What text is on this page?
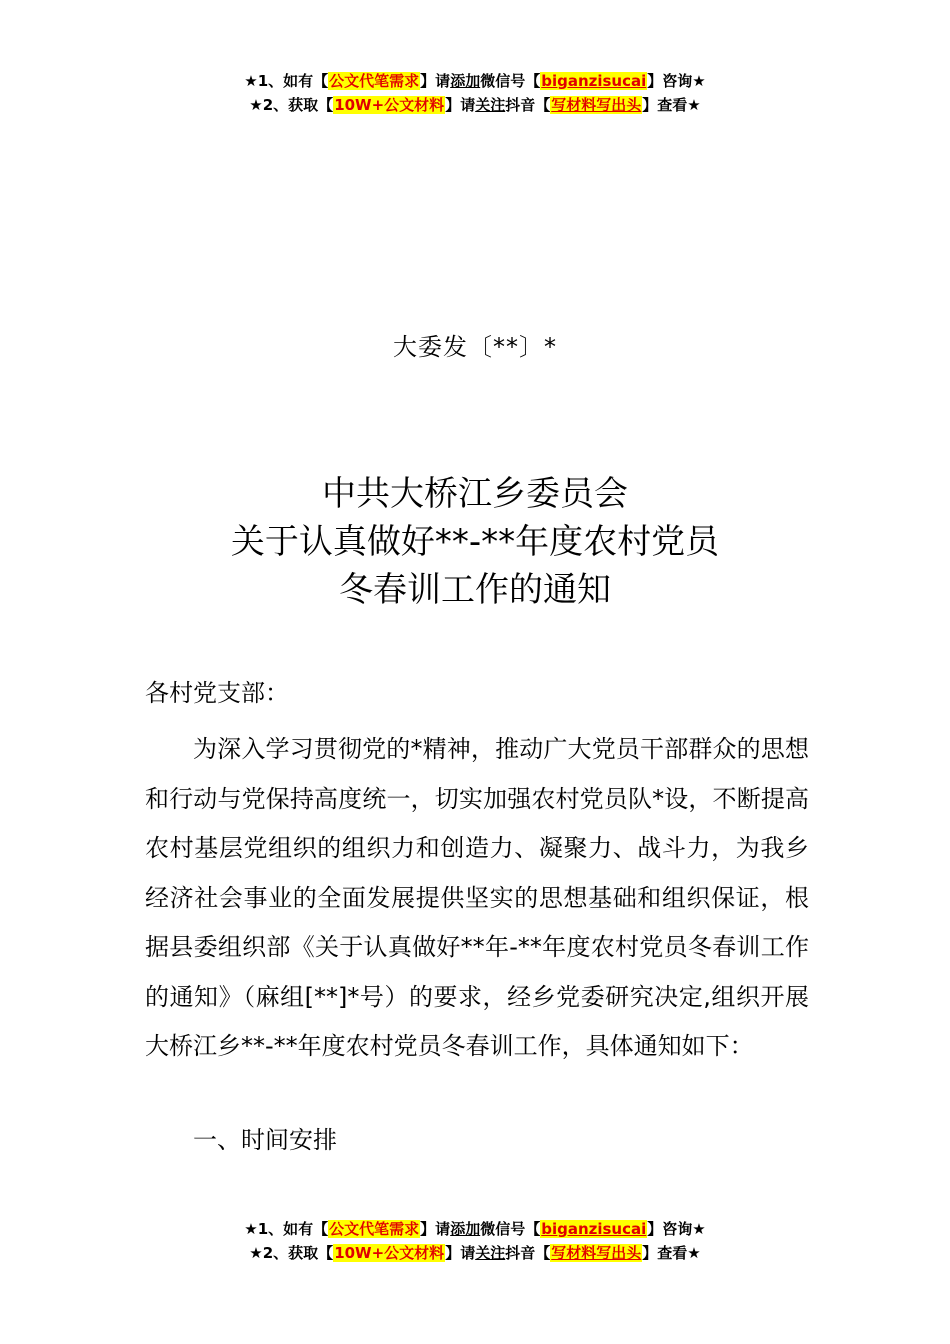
★1、如有【公文代笔需求】请添加微信号【biganzisucai】咨询★
★2、获取【10W+公文材料】请关注抖音【写材料写出头】查看★
大委发〔**〕*
中共大桥江乡委员会
关于认真做好**-**年度农村党员
冬春训工作的通知
各村党支部：
为深入学习贯彻党的*精神，推动广大党员干部群众的思想和行动与党保持高度统一，切实加强农村党员队*设，不断提高农村基层党组织的组织力和创造力、凝聚力、战斗力，为我乡经济社会事业的全面发展提供坚实的思想基础和组织保证，根据县委组织部《关于认真做好**年-**年度农村党员冬春训工作的通知》（麻组[**]*号）的要求，经乡党委研究决定,组织开展大桥江乡**-**年度农村党员冬春训工作，具体通知如下：
一、时间安排
★1、如有【公文代笔需求】请添加微信号【biganzisucai】咨询★
★2、获取【10W+公文材料】请关注抖音【写材料写出头】查看★
